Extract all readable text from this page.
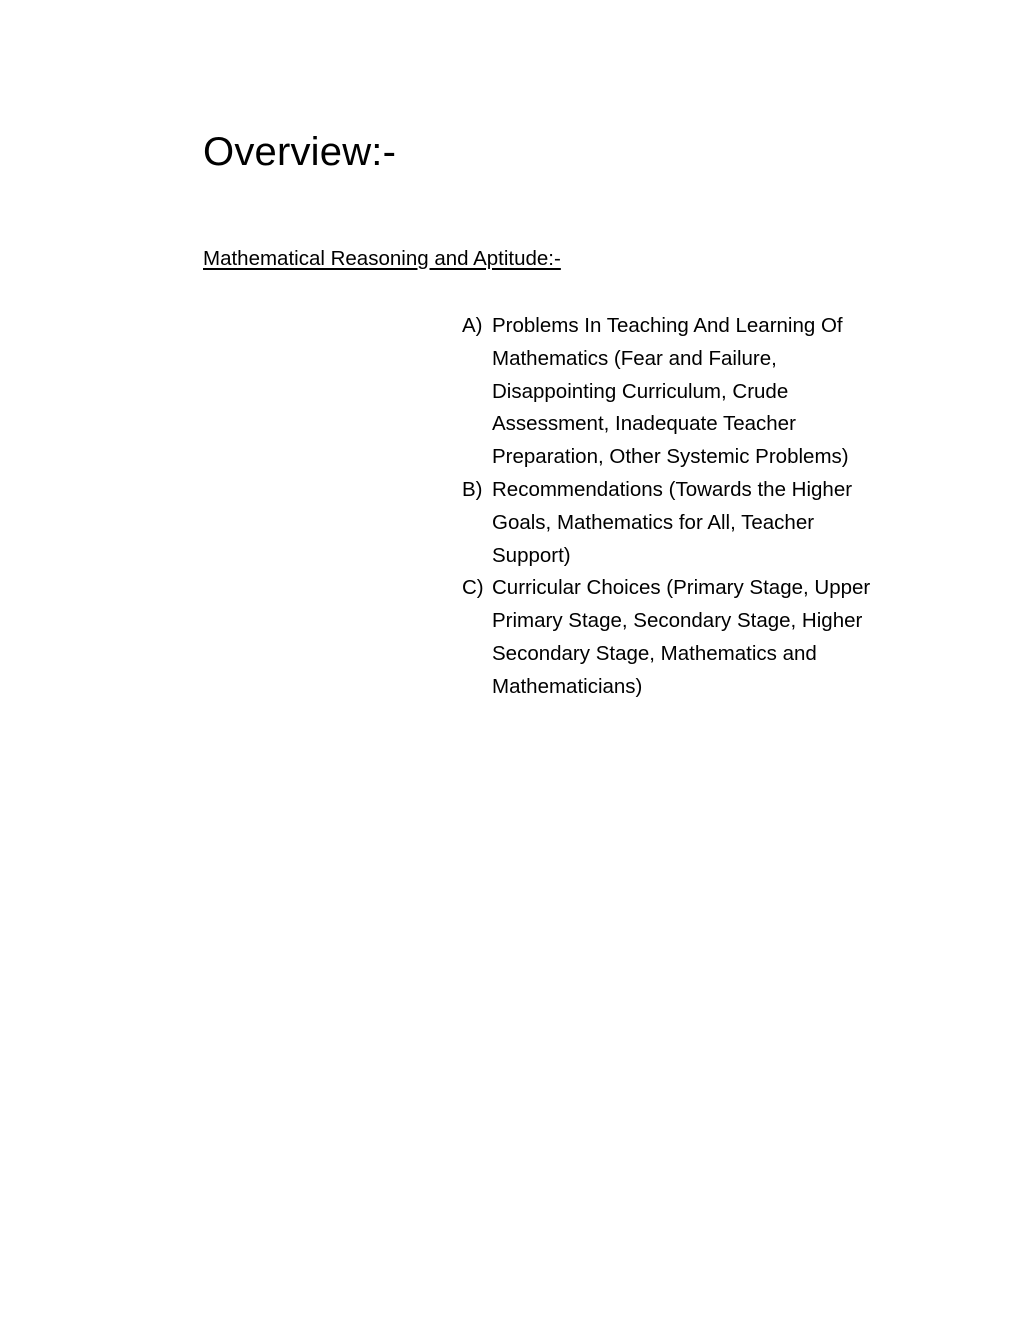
Overview:-

Mathematical Reasoning and Aptitude:-

A) Problems In Teaching And Learning Of
Mathematics (Fear and Failure,
Disappointing Curriculum, Crude
Assessment, Inadequate Teacher
Preparation, Other Systemic Problems)
B) Recommendations (Towards the Higher
Goals, Mathematics for All, Teacher
Support)
C) Curricular Choices (Primary Stage, Upper
Primary Stage, Secondary Stage, Higher
Secondary Stage, Mathematics and
Mathematicians)
